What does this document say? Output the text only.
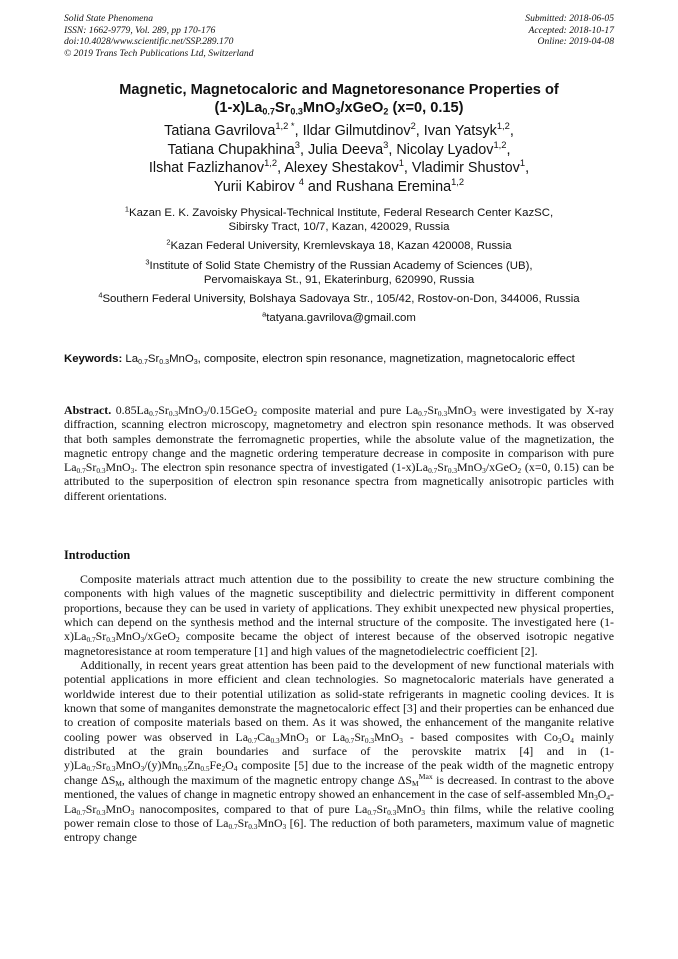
Solid State Phenomena
ISSN: 1662-9779, Vol. 289, pp 170-176
doi:10.4028/www.scientific.net/SSP.289.170
© 2019 Trans Tech Publications Ltd, Switzerland
Submitted: 2018-06-05
Accepted: 2018-10-17
Online: 2019-04-08
Magnetic, Magnetocaloric and Magnetoresonance Properties of
$(1-x)La_{0.7}Sr_{0.3}MnO_3/xGeO_2$ (x=0, 0.15)
Tatiana Gavrilova$^{1,2 *}$, Ildar Gilmutdinov$^2$, Ivan Yatsyk$^{1,2}$,
Tatiana Chupakhina$^3$, Julia Deeva$^3$, Nicolay Lyadov$^{1,2}$,
Ilshat Fazlizhanov$^{1,2}$, Alexey Shestakov$^1$, Vladimir Shustov$^1$,
Yurii Kabirov $^4$ and Rushana Eremina$^{1,2}$
$^1$Kazan E. K. Zavoisky Physical-Technical Institute, Federal Research Center KazSC,
Sibirsky Tract, 10/7, Kazan, 420029, Russia
$^2$Kazan Federal University, Kremlevskaya 18, Kazan 420008, Russia
$^3$Institute of Solid State Chemistry of the Russian Academy of Sciences (UB),
Pervomaiskaya St., 91, Ekaterinburg, 620990, Russia
$^4$Southern Federal University, Bolshaya Sadovaya Str., 105/42, Rostov-on-Don, 344006, Russia
$^a$tatyana.gavrilova@gmail.com
Keywords: $La_{0.7}Sr_{0.3}MnO_3$, composite, electron spin resonance, magnetization, magnetocaloric effect
Abstract. $0.85La_{0.7}Sr_{0.3}MnO_3/0.15GeO_2$ composite material and pure $La_{0.7}Sr_{0.3}MnO_3$ were investigated by X-ray diffraction, scanning electron microscopy, magnetometry and electron spin resonance methods. It was observed that both samples demonstrate the ferromagnetic properties, while the absolute value of the magnetization, the magnetic entropy change and the magnetic ordering temperature decrease in composite in comparison with pure $La_{0.7}Sr_{0.3}MnO_3$. The electron spin resonance spectra of investigated $(1-x)La_{0.7}Sr_{0.3}MnO_3/xGeO_2$ (x=0, 0.15) can be attributed to the superposition of electron spin resonance spectra from magnetically anisotropic particles with different orientations.
Introduction

Composite materials attract much attention due to the possibility to create the new structure combining the components with high values of the magnetic susceptibility and dielectric permittivity in different component proportions, because they can be used in variety of applications. They exhibit unexpected new physical properties, which can depend on the synthesis method and the internal structure of the composite. The investigated here $(1-x)La_{0.7}Sr_{0.3}MnO_3/xGeO_2$ composite became the object of interest because of the observed isotropic negative magnetoresistance at room temperature [1] and high values of the magnetodielectric coefficient [2].

Additionally, in recent years great attention has been paid to the development of new functional materials with potential applications in more efficient and clean technologies. So magnetocaloric materials have generated a worldwide interest due to their potential utilization as solid-state refrigerants in magnetic cooling devices. It is known that some of manganites demonstrate the magnetocaloric effect [3] and their properties can be enhanced due to creation of composite materials based on them. As it was showed, the enhancement of the manganite relative cooling power was observed in $La_{0.7}Ca_{0.3}MnO_3$ or $La_{0.7}Sr_{0.3}MnO_3$ - based composites with $Co_3O_4$ mainly distributed at the grain boundaries and surface of the perovskite matrix [4] and in $(1-y)La_{0.7}Sr_{0.3}MnO_3/(y)Mn_{0.5}Zn_{0.5}Fe_2O_4$ composite [5] due to the increase of the peak width of the magnetic entropy change $\Delta S_M$, although the maximum of the magnetic entropy change $\Delta S_M^{Max}$ is decreased. In contrast to the above mentioned, the values of change in magnetic entropy showed an enhancement in the case of self-assembled $Mn_3O_4-La_{0.7}Sr_{0.3}MnO_3$ nanocomposites, compared to that of pure $La_{0.7}Sr_{0.3}MnO_3$ thin films, while the relative cooling power remain close to those of $La_{0.7}Sr_{0.3}MnO_3$ [6]. The reduction of both parameters, maximum value of magnetic entropy change
